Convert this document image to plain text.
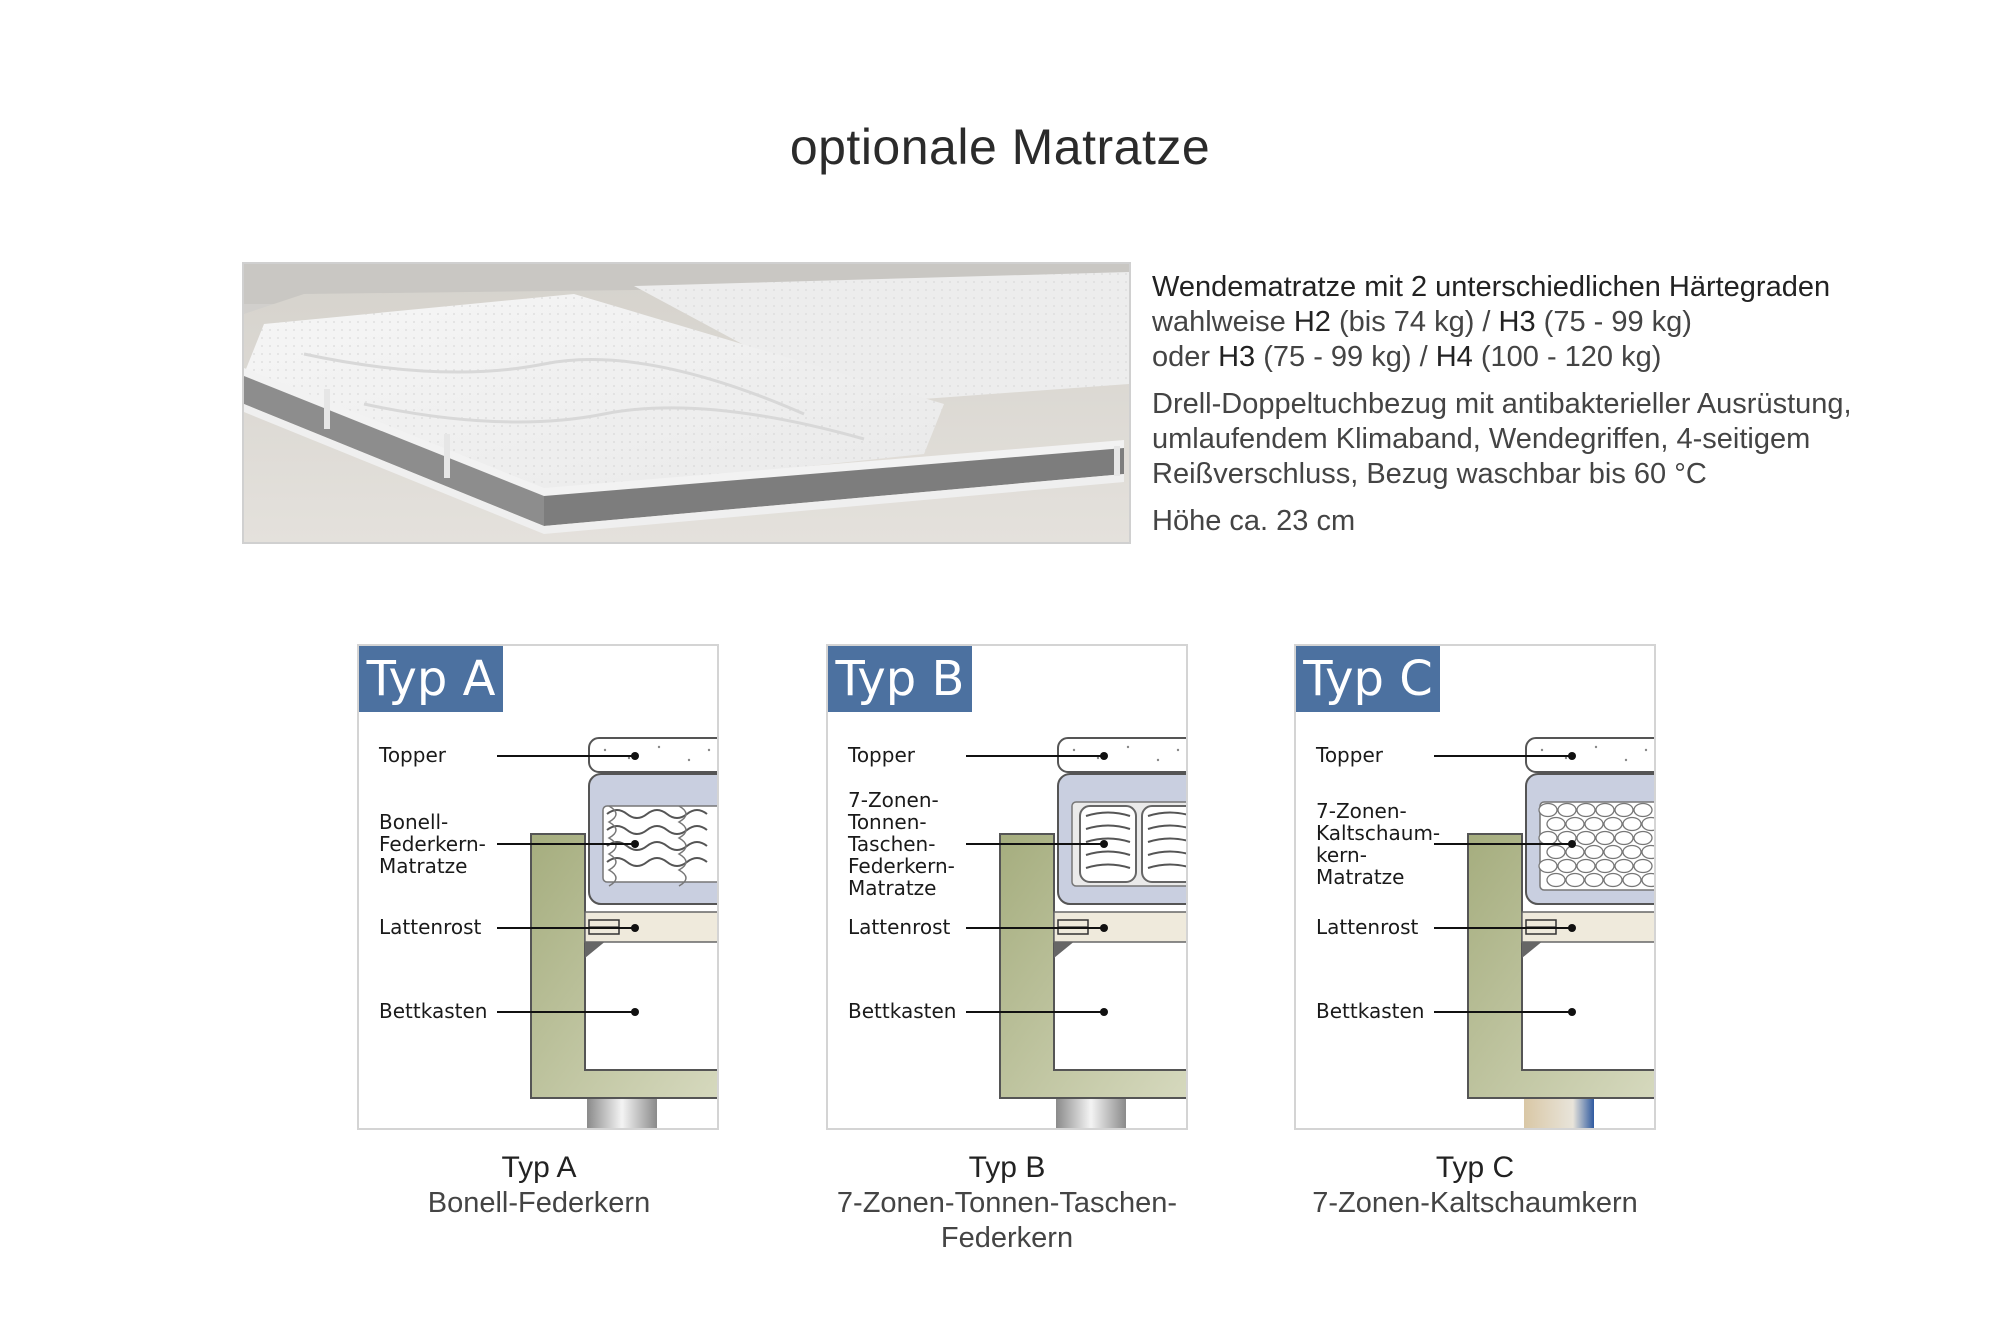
optionale Matratze

Wendematratze mit 2 unterschiedlichen Härtegraden

wahlweise H2 (bis 74 kg) / H3 (75 - 99 kg)

oder H3 (75 - 99 kg) / H4 (100 - 120 kg)

Drell-Doppeltuchbezug mit antibakterieller Ausrüstung, umlaufendem Klimaband, Wendegriffen, 4-seitigem Reißverschluss, Bezug waschbar bis 60 °C

Höhe ca. 23 cm

Typ A
Topper
Bonell-
Federkern-
Matratze
Lattenrost
Bettkasten
Typ A
Bonell-Federkern
Typ B
Topper
7-Zonen-
Tonnen-
Taschen-
Federkern-
Matratze
Lattenrost
Bettkasten
Typ B
7-Zonen-Tonnen-Taschen-
Federkern
Typ C
Topper
7-Zonen-
Kaltschaum-
kern-
Matratze
Lattenrost
Bettkasten
Typ C
7-Zonen-Kaltschaumkern
